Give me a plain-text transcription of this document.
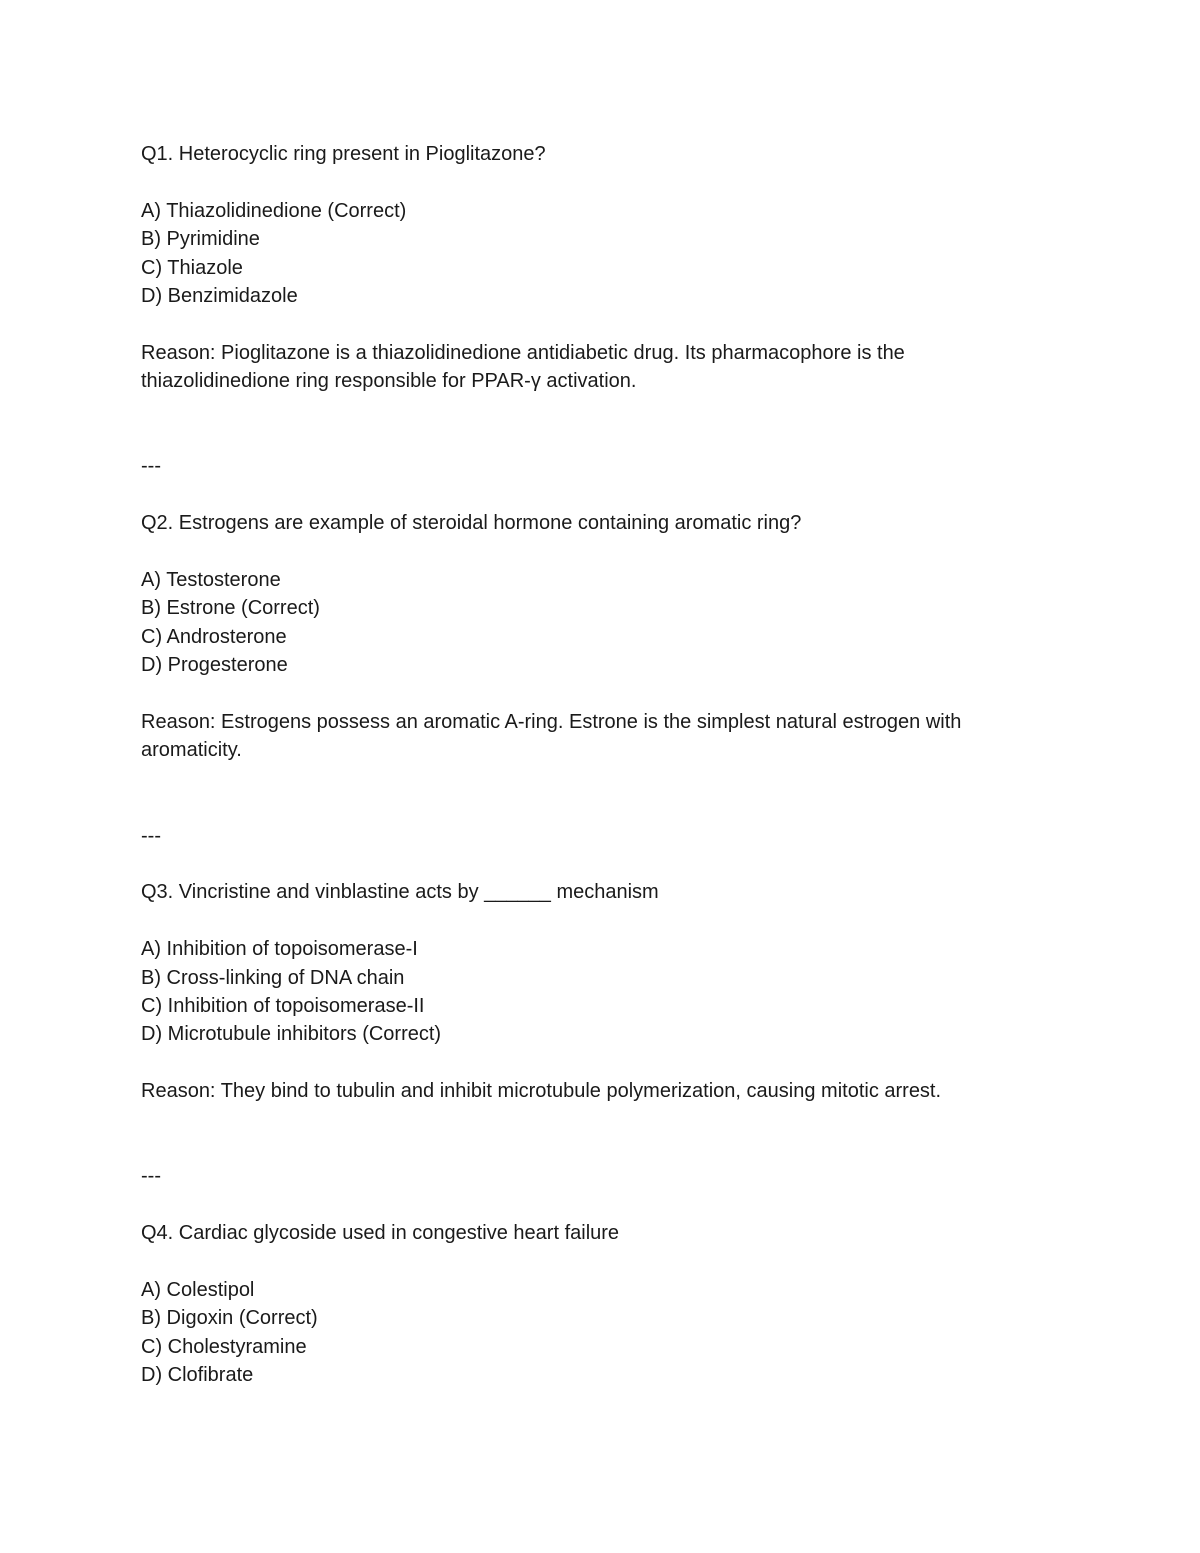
Q1. Heterocyclic ring present in Pioglitazone?
A) Thiazolidinedione (Correct)
B) Pyrimidine
C) Thiazole
D) Benzimidazole
Reason: Pioglitazone is a thiazolidinedione antidiabetic drug. Its pharmacophore is the thiazolidinedione ring responsible for PPAR-γ activation.
---
Q2. Estrogens are example of steroidal hormone containing aromatic ring?
A) Testosterone
B) Estrone (Correct)
C) Androsterone
D) Progesterone
Reason: Estrogens possess an aromatic A-ring. Estrone is the simplest natural estrogen with aromaticity.
---
Q3. Vincristine and vinblastine acts by ______ mechanism
A) Inhibition of topoisomerase-I
B) Cross-linking of DNA chain
C) Inhibition of topoisomerase-II
D) Microtubule inhibitors (Correct)
Reason: They bind to tubulin and inhibit microtubule polymerization, causing mitotic arrest.
---
Q4. Cardiac glycoside used in congestive heart failure
A) Colestipol
B) Digoxin (Correct)
C) Cholestyramine
D) Clofibrate
